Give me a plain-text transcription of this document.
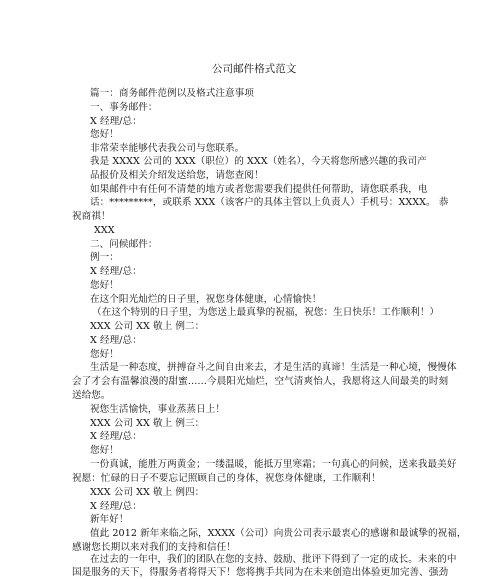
公司邮件格式范文
篇一：商务邮件范例以及格式注意事项
一、事务邮件：
X 经理/总：
您好！
非常荣幸能够代表我公司与您联系。
我是 XXXX 公司的 XXX（职位）的 XXX（姓名），今天将您所感兴趣的我司产
品报价及相关介绍发送给您，请您查阅！
如果邮件中有任何不清楚的地方或者您需要我们提供任何帮助，请您联系我，电
话：*********，或联系 XXX（该客户的具体主管以上负责人）手机号：XXXX。 恭
祝商祺！
XXX
二、问候邮件：
例一：
X 经理/总：
您好！
在这个阳光灿烂的日子里，祝您身体健康，心情愉快！
（在这个特别的日子里，为您送上最真挚的祝福，祝您：生日快乐！工作顺利！）
XXX 公司 XX 敬上 例二：
X 经理/总：
您好！
生活是一种态度，拼搏奋斗之间自由来去，才是生活的真谛！生活是一种心境，慢慢体
会了才会有温馨浪漫的甜蜜……今晨阳光灿烂，空气清爽怡人，我愿将这人间最美的时刻
送给您。
祝您生活愉快，事业蒸蒸日上！
XXX 公司 XX 敬上 例三：
X 经理/总：
您好！
一份真诚，能胜万两黄金；一缕温暖，能抵万里寒霜；一句真心的问候，送来我最美好
祝愿：忙碌的日子不要忘记照顾自己的身体，祝您身体健康，工作顺利！
XXX 公司 XX 敬上 例四：
X 经理/总：
新年好！
值此 2012 新年来临之际，XXXX（公司）向贵公司表示最衷心的感谢和最诚挚的祝福，
感谢您长期以来对我们的支持和信任！
在过去的一年中，我们的团队在您的支持、鼓励、批评下得到了一定的成长。未来的中
国是服务的天下，得服务者将得天下！您将携手共同为在未来创造出体验更加完善、强劲
